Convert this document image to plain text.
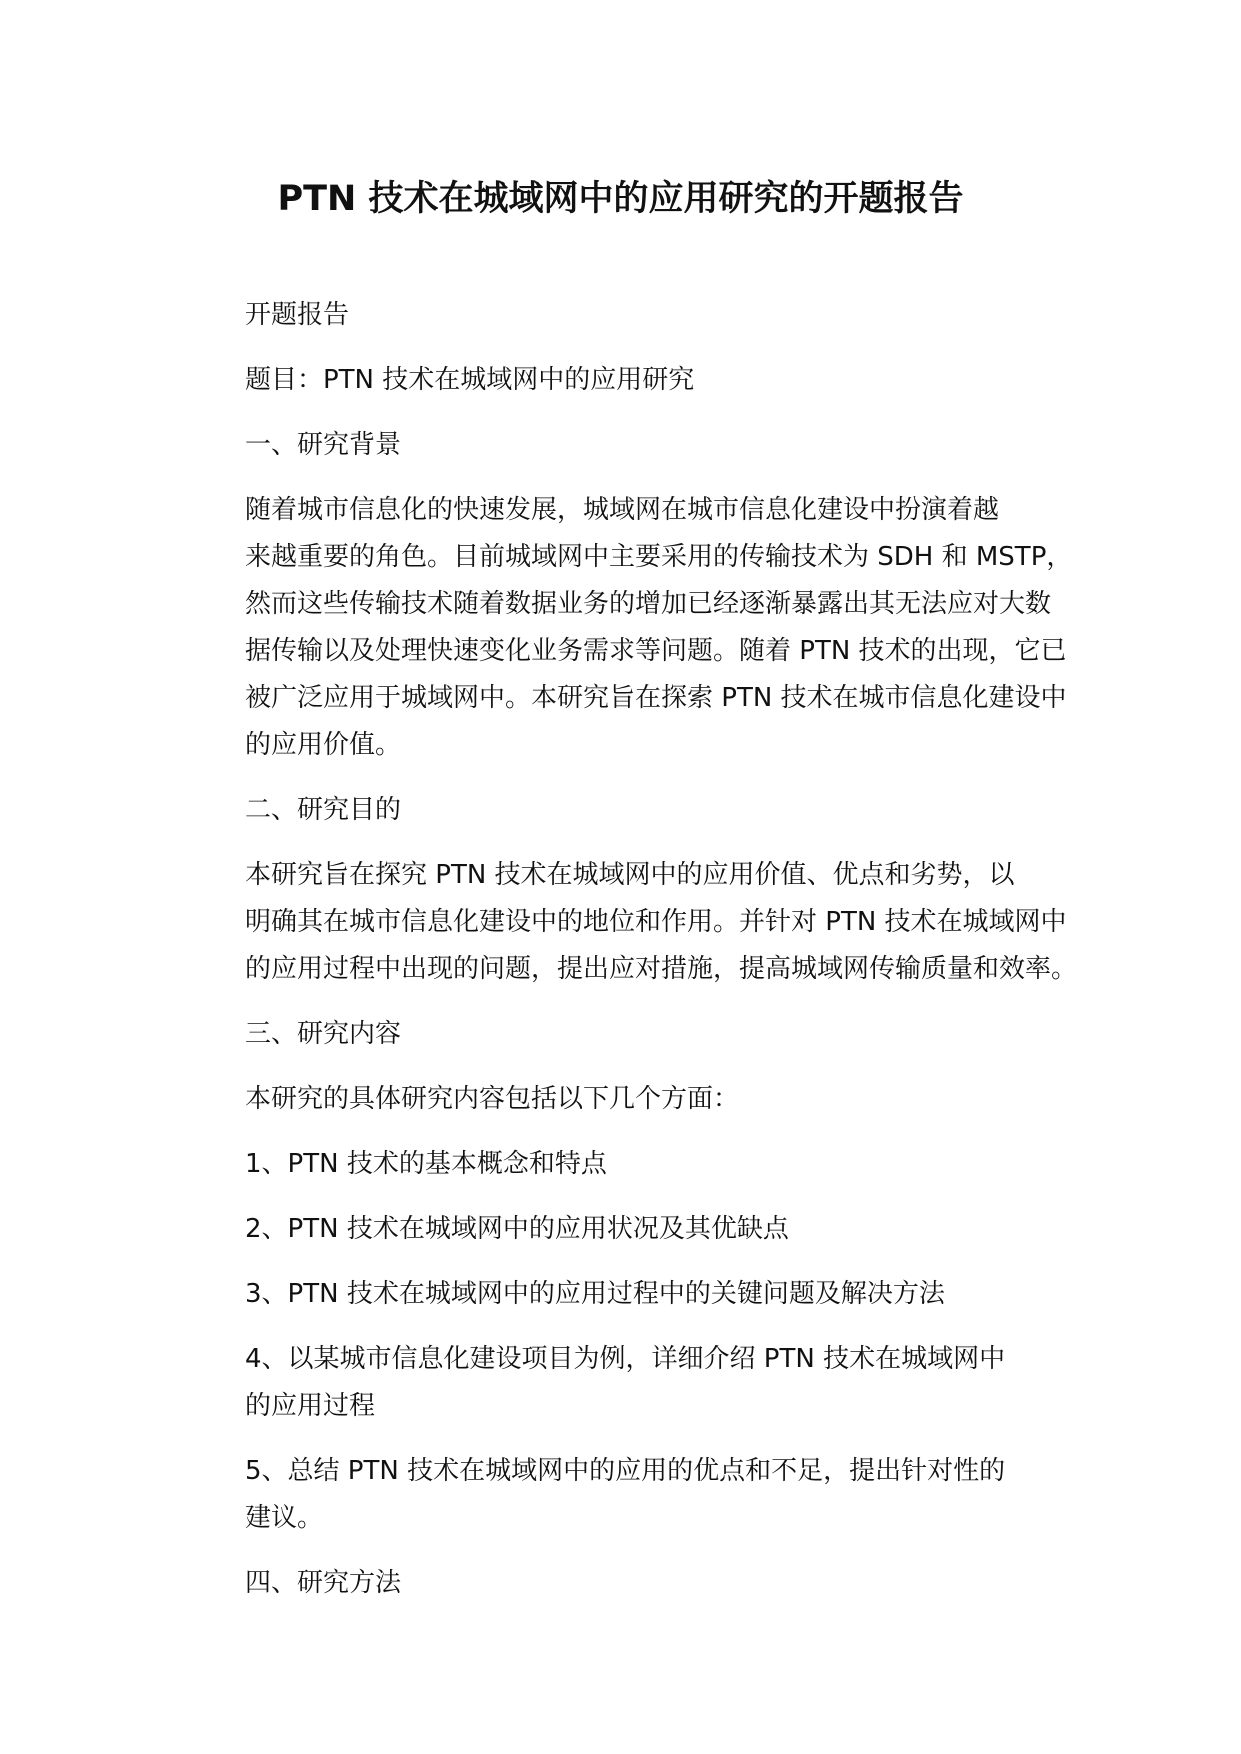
PTN 技术在城域网中的应用研究的开题报告

开题报告

题目：PTN 技术在城域网中的应用研究

一、研究背景

随着城市信息化的快速发展，城域网在城市信息化建设中扮演着越
来越重要的角色。目前城域网中主要采用的传输技术为 SDH 和 MSTP，
然而这些传输技术随着数据业务的增加已经逐渐暴露出其无法应对大数
据传输以及处理快速变化业务需求等问题。随着 PTN 技术的出现，它已
被广泛应用于城域网中。本研究旨在探索 PTN 技术在城市信息化建设中
的应用价值。

二、研究目的

本研究旨在探究 PTN 技术在城域网中的应用价值、优点和劣势，以
明确其在城市信息化建设中的地位和作用。并针对 PTN 技术在城域网中
的应用过程中出现的问题，提出应对措施，提高城域网传输质量和效率。

三、研究内容

本研究的具体研究内容包括以下几个方面：

1、PTN 技术的基本概念和特点

2、PTN 技术在城域网中的应用状况及其优缺点

3、PTN 技术在城域网中的应用过程中的关键问题及解决方法

4、以某城市信息化建设项目为例，详细介绍 PTN 技术在城域网中
的应用过程

5、总结 PTN 技术在城域网中的应用的优点和不足，提出针对性的
建议。

四、研究方法
